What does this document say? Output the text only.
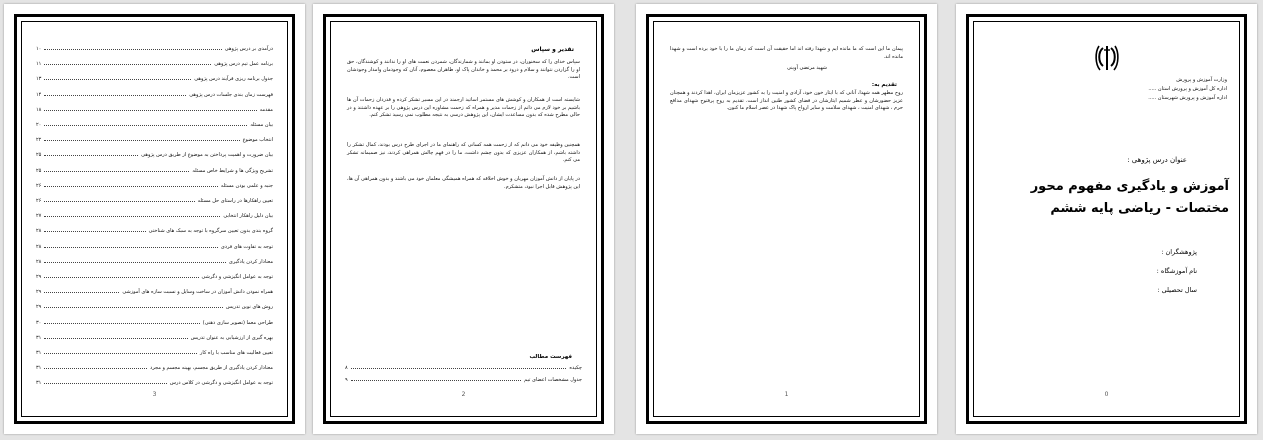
درآمدی بر درس پژوهی
۱۰
برنامه عمل تیم درس پژوهی
۱۱
جدول برنامه ریزی فرآیند درس پژوهی
۱۳
فهرست زمان بندی جلسات درس پژوهی
۱۴
مقدمه
۱۸
بیان مسئله
۲۰
انتخاب موضوع
۲۲
بیان ضرورت و اهمیت پرداختن به موضوع از طریق درس پژوهی
۲۵
تشریح ویژگی ها و شرایط خاص مسئله
۲۵
جنبه و علمی بودن مسئله
۲۶
تعیین راهکارها در راستای حل مسئله
۲۶
بیان دلیل راهکار انتخابی
۲۷
گروه بندی بدون تعیین سرگروه با توجه به سبک های شناختی
۲۸
توجه به تفاوت های فردی
۲۸
معنادار کردن یادگیری
۲۸
توجه به عوامل انگیزشی و دگرشی
۲۹
همراه نمودن دانش آموزان در ساخت وسایل و نسبت سازه های آموزشی
۲۹
روش های نوین تدریس
۲۹
طراحی معما (تصویر سازی ذهنی)
۳۰
بهره گیری از ارزشیابی به عنوان تدریس
۳۱
تعیین فعالیت های مناسب با راه کار
۳۱
معنادار کردن یادگیری از طریق مجسم، بهینه مجسم و مجرد
۳۱
توجه به عوامل انگیزشی و دگرشی در کلاس درس
۳۱
3
تقدیر و سپاس
سپاس خدای را که سخنوران، در ستودن او بمانند و شمارندگان، شمردن نعمت های او را ندانند و کوشندگان، حق او را گزاردن نتوانند و سلام و درود بر محمد و خاندان پاک او، طاهران معصوم، آنان که وجودمان وامدار وجودشان است.
شایسته است از همکاران و کوشش های مستمر اساتید ارجمند در این مسیر تشکر کرده و قدردان زحمات آن ها باشیم بر خود لازم می دانم از زحمات مدیر و همراه که زحمت مشاوره این درس پژوهی را بر عهده داشتند و در حالی مطرح شده که بدون مساعدت ایشان، این پژوهش درسی به نتیجه مطلوب نمی رسید تشکر کنم.
همچنین وظیفه خود می دانم که از زحمت همه کسانی که راهنمای ما در اجرای طرح درس بودند، کمال تشکر را داشته باشم، از همکاران عزیزی که بدون چشم داشت، ما را در فهم چالش همراهی کردند، نیز صمیمانه تشکر می کنم.
در پایان از دانش آموزان مهربان و خوش اخلاقه که همراه همیشگی معلمان خود می باشند و بدون همراهی آن ها، این پژوهش قابل اجرا نبود، متشکرم.
فهرست مطالب
چکیده
۸
جدول مشخصات اعضای تیم
۹
2
پیمان ما این است که ما مانده ایم و شهدا رفته اند اما حقیقت آن است که زمان ما را با خود برده است و شهدا مانده اند.
شهید مرتضی آوینی
تقدیم به:
روح مطهر همه شهدا، آنانی که با ایثار خون خود، آزادی و امنیت را به کشور عزیزمان ایران، اهدا کردند و همچنان عزیز حضورشان و عطر شمیم ایثارشان در فضای کشور طنین انداز است. تقدیم به روح پرفتوح شهدای مدافع حرم ، شهدای امنیت ، شهدای سلامت و سایر ارواح پاک شهدا در عصر اسلام ما کنون.
1
وزارت آموزش و پرورش
اداره کل آموزش و پرورش استان .....
اداره آموزش و پرورش شهرستان .....
عنوان درس پژوهی :
آموزش و یادگیری مفهوم محور مختصات - ریاضی پایه ششم
پژوهشگران :
نام آموزشگاه :
سال تحصیلی :
0
